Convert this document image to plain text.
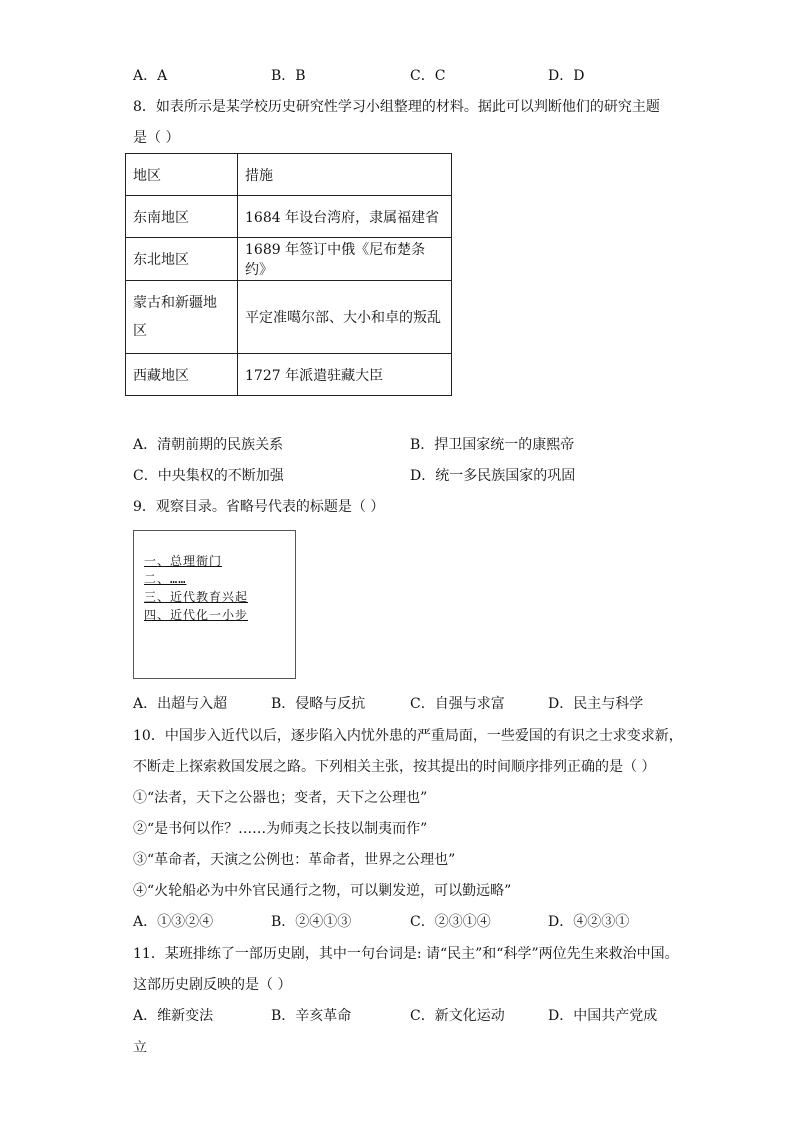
A．A	B．B	C．C	D．D
8．如表所示是某学校历史研究性学习小组整理的材料。据此可以判断他们的研究主题
是（ ）
地区	措施
东南地区	1684 年设台湾府，隶属福建省
东北地区	1689 年签订中俄《尼布楚条约》
蒙古和新疆地
区	平定准噶尔部、大小和卓的叛乱
西藏地区	1727 年派遣驻藏大臣
A．清朝前期的民族关系	B．捍卫国家统一的康熙帝
C．中央集权的不断加强	D．统一多民族国家的巩固
9．观察目录。省略号代表的标题是（ ）
一、总理衙门
二、……
三、近代教育兴起
四、近代化一小步
A．出超与入超	B．侵略与反抗	C．自强与求富	D．民主与科学
10．中国步入近代以后，逐步陷入内忧外患的严重局面，一些爱国的有识之士求变求新，
不断走上探索救国发展之路。下列相关主张，按其提出的时间顺序排列正确的是（ ）
①“法者，天下之公器也；变者，天下之公理也”
②“是书何以作？……为师夷之长技以制夷而作”
③“革命者，天演之公例也：革命者，世界之公理也”
④“火轮船必为中外官民通行之物，可以剿发逆，可以勤远略”
A．①③②④	B．②④①③	C．②③①④	D．④②③①
11．某班排练了一部历史剧，其中一句台词是: 请“民主”和“科学”两位先生来救治中国。
这部历史剧反映的是（ ）
A．维新变法	B．辛亥革命	C．新文化运动	D．中国共产党成
立
